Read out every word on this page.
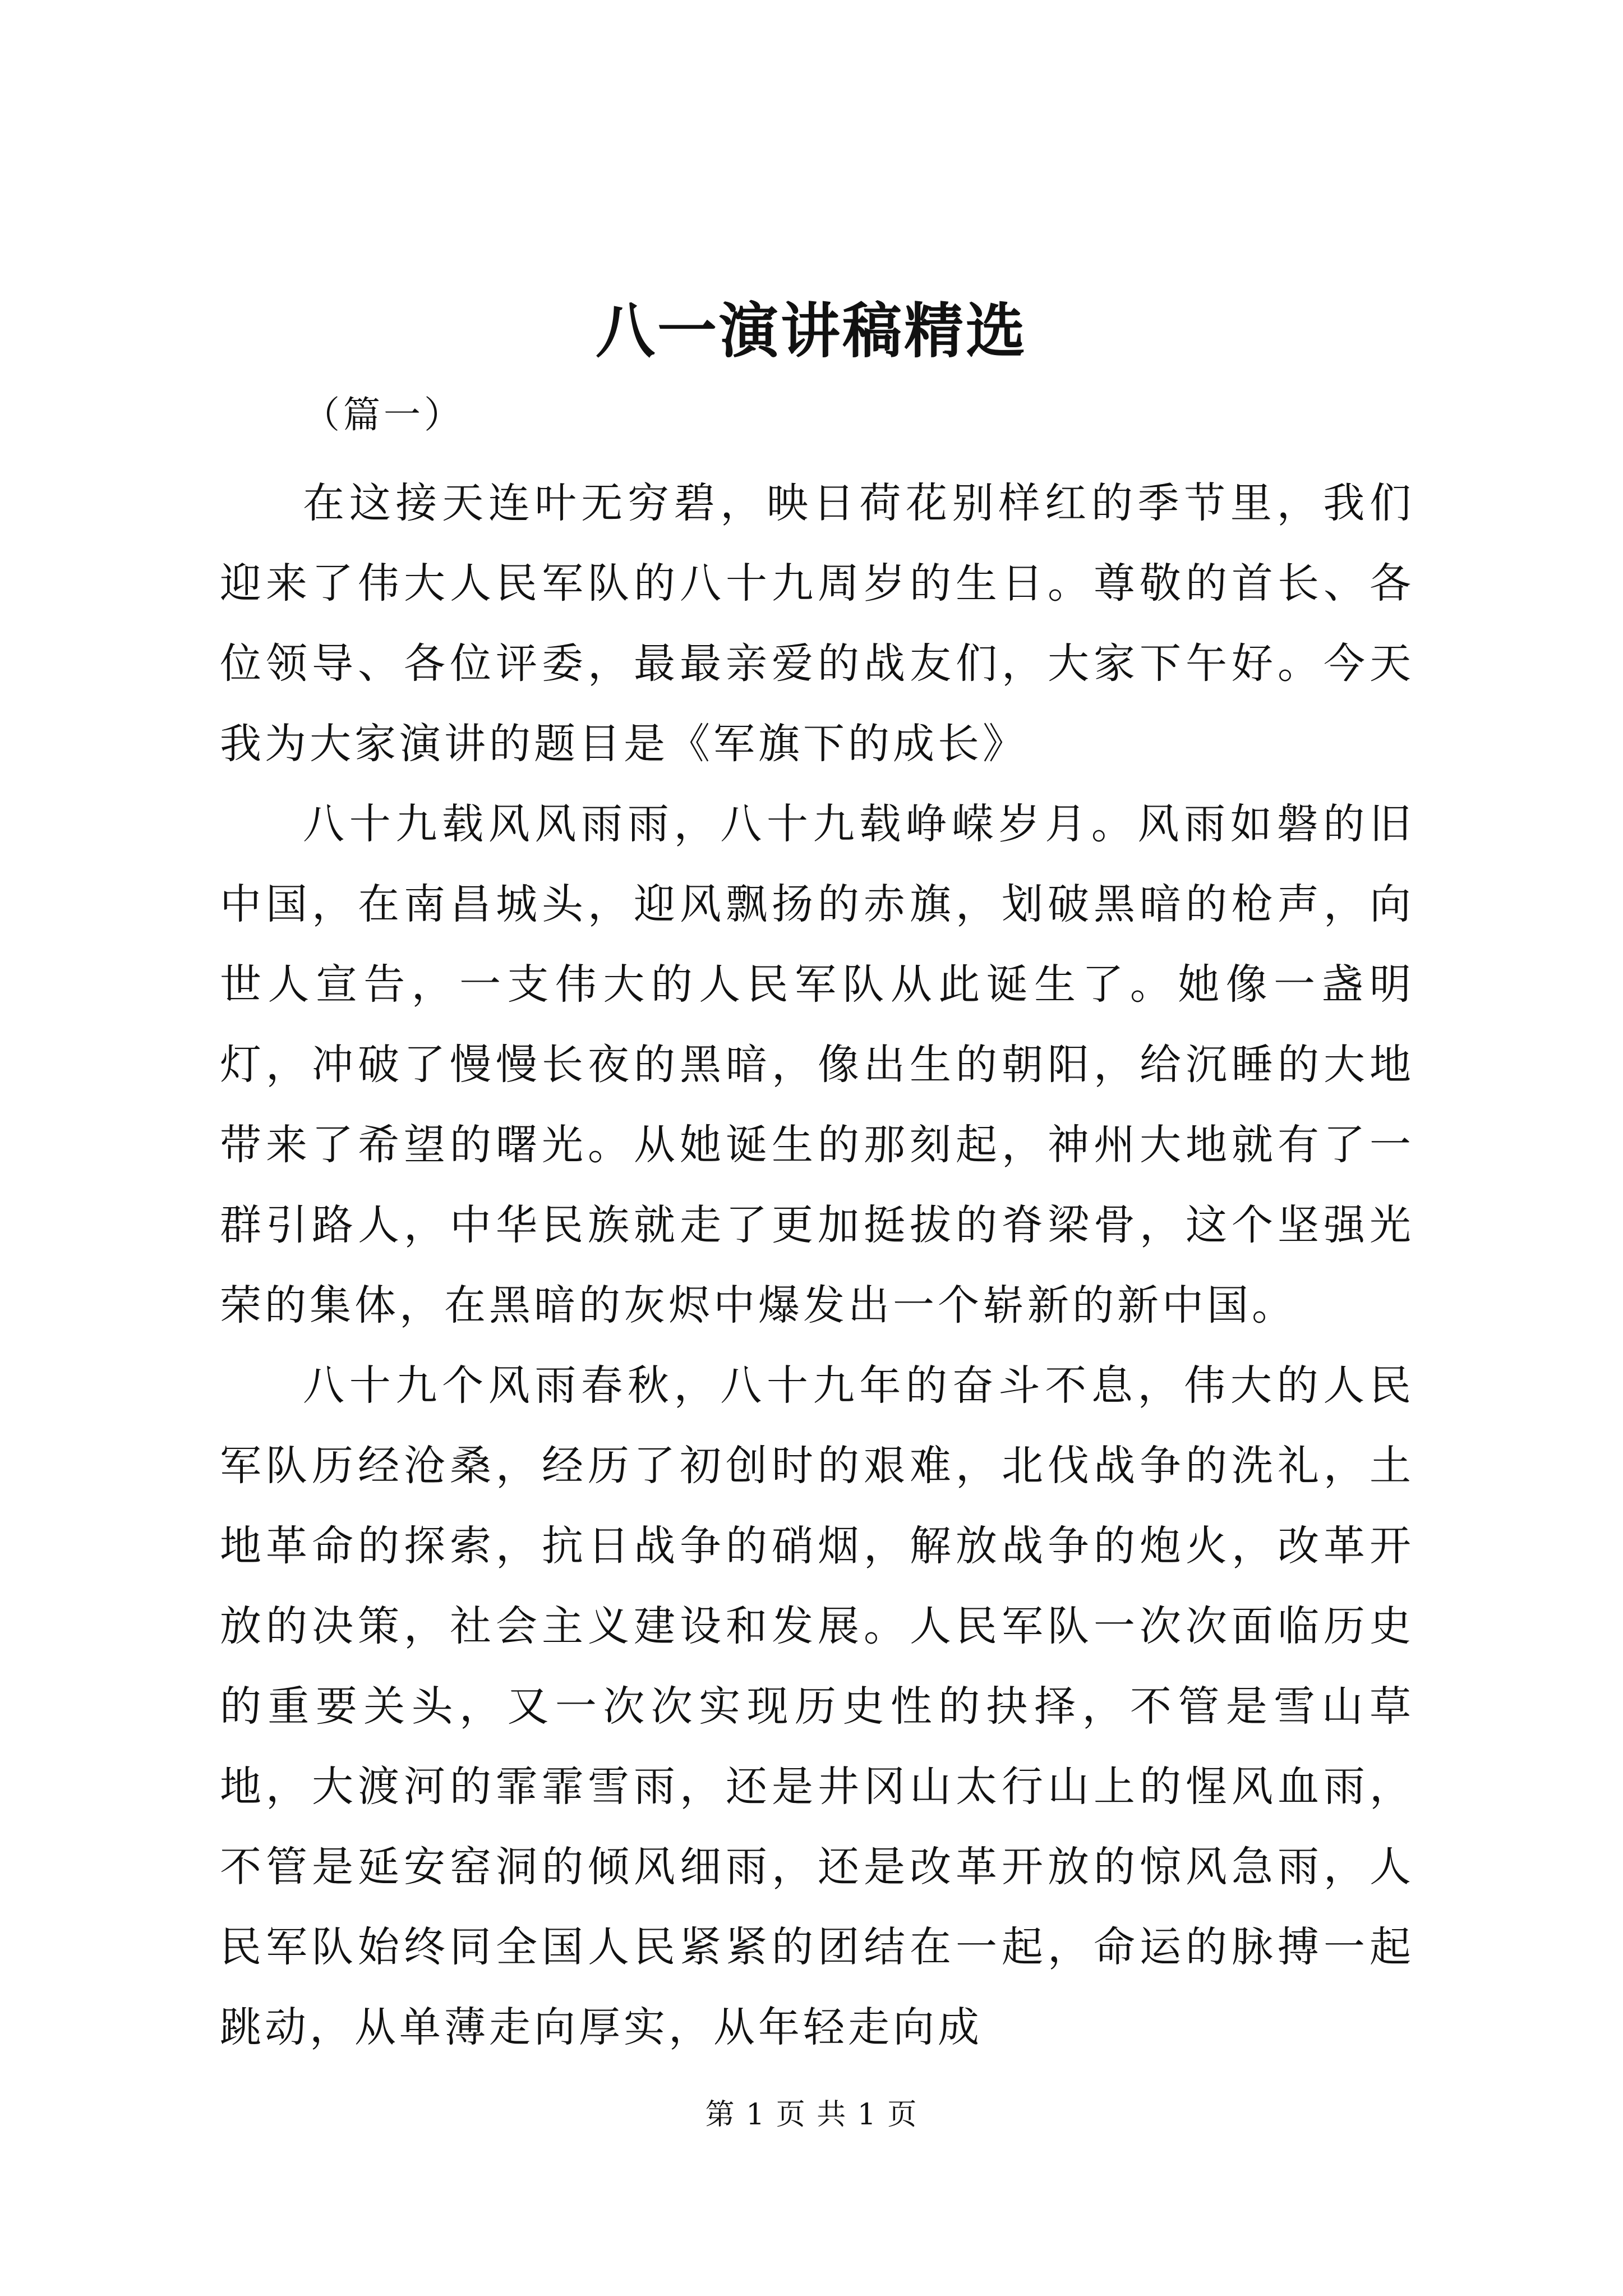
八一演讲稿精选
（篇一）

在这接天连叶无穷碧，映日荷花别样红的季节里，我们迎来了伟大人民军队的八十九周岁的生日。尊敬的首长、各位领导、各位评委，最最亲爱的战友们，大家下午好。今天我为大家演讲的题目是《军旗下的成长》

八十九载风风雨雨，八十九载峥嵘岁月。风雨如磐的旧中国，在南昌城头，迎风飘扬的赤旗，划破黑暗的枪声，向世人宣告，一支伟大的人民军队从此诞生了。她像一盏明灯，冲破了慢慢长夜的黑暗，像出生的朝阳，给沉睡的大地带来了希望的曙光。从她诞生的那刻起，神州大地就有了一群引路人，中华民族就走了更加挺拔的脊梁骨，这个坚强光荣的集体，在黑暗的灰烬中爆发出一个崭新的新中国。

八十九个风雨春秋，八十九年的奋斗不息，伟大的人民军队历经沧桑，经历了初创时的艰难，北伐战争的洗礼，土地革命的探索，抗日战争的硝烟，解放战争的炮火，改革开放的决策，社会主义建设和发展。人民军队一次次面临历史的重要关头，又一次次实现历史性的抉择，不管是雪山草地，大渡河的霏霏雪雨，还是井冈山太行山上的惺风血雨，不管是延安窑洞的倾风细雨，还是改革开放的惊风急雨，人民军队始终同全国人民紧紧的团结在一起，命运的脉搏一起跳动，从单薄走向厚实，从年轻走向成

第 1 页 共 1 页
